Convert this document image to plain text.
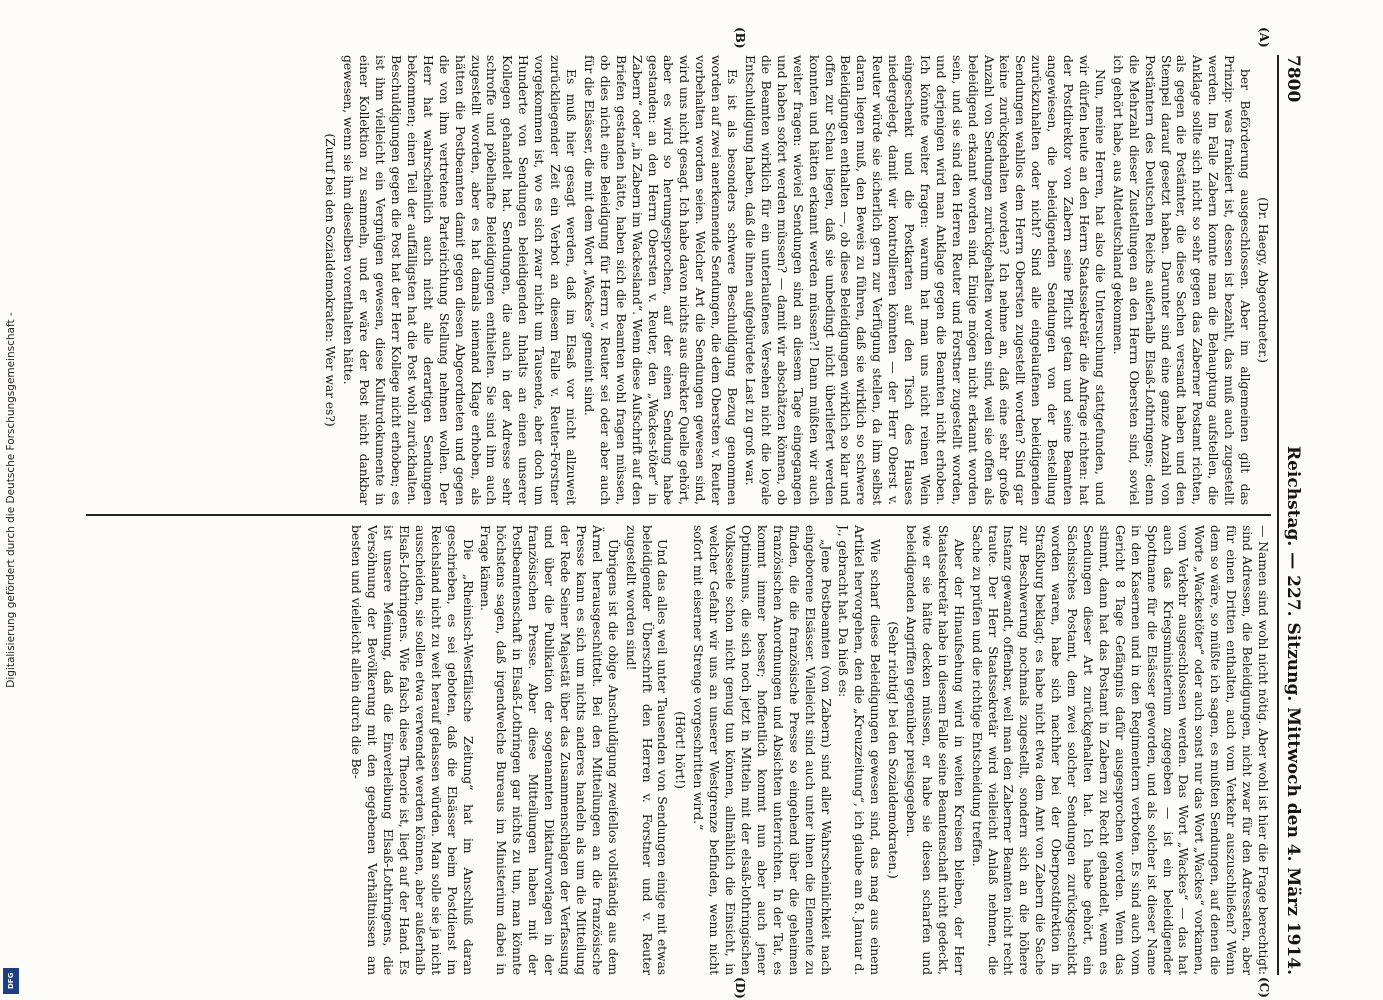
Digitalisierung gefördert durch die Deutsche Forschungsgemeinschaft -
DFG
7800
Reichstag. — 227. Sitzung. Mittwoch den 4. März 1914.

(Dr. Haegy, Abgeordneter.)

ber Beförderung ausgeschlossen. Aber im allgemeinen gilt das Prinzip: was frankiert ist, dessen ist bezahlt, das muß auch zugestellt werden. Im Falle Zabern konnte man die Behauptung aufstellen, die Anklage sollte sich nicht so sehr gegen das Zaberner Postamt richten, als gegen die Postämter, die diese Sachen versandt haben und den Stempel darauf gesetzt haben. Darunter sind eine ganze Anzahl von Postämtern des Deutschen Reichs außerhalb Elsaß-Lothringens; denn die Mehrzahl dieser Zustellungen an den Herrn Obersten sind, soviel ich gehört habe, aus Altdeutschland gekommen.

Nun, meine Herren, hat also die Untersuchung stattgefunden, und wir dürfen heute an den Herrn Staatssekretär die Anfrage richten: hat der Postdirektor von Zabern seine Pflicht getan und seine Beamten angewiesen, die beleidigenden Sendungen von der Bestellung zurückzuhalten oder nicht? Sind alle eingelaufenen beleidigenden Sendungen wahllos dem Herrn Obersten zugestellt worden? Sind gar keine zurückgehalten worden? Ich nehme an, daß eine sehr große Anzahl von Sendungen zurückgehalten worden sind, weil sie offen als beleidigend erkannt worden sind. Einige mögen nicht erkannt worden sein, und sie sind den Herren Reuter und Forstner zugestellt worden, und derjenigen wird man Anklage gegen die Beamten nicht erhoben. Ich könnte weiter fragen: warum hat man uns nicht reinen Wein eingeschenkt und die Postkarten auf den Tisch des Hauses niedergelegt, damit wir kontrollieren könnten — der Herr Oberst v. Reuter würde sie sicherlich gern zur Verfügung stellen, da ihm selbst daran liegen muß, den Beweis zu führen, daß sie wirklich so schwere Beleidigungen enthalten —, ob diese Beleidigungen wirklich so klar und offen zur Schau liegen, daß sie unbedingt nicht überliefert werden konnten und hätten erkannt werden müssen?! Dann müßten wir auch weiter fragen: wieviel Sendungen sind an diesem Tage eingegangen und haben sofort werden müssen? — damit wir abschätzen können, ob die Beamten wirklich für ein unterlaufenes Versehen nicht die loyale Entschuldigung haben, daß die ihnen aufgebürdete Last zu groß war.

Es ist als besonders schwere Beschuldigung Bezug genommen worden auf zwei anerkennende Sendungen, die dem Obersten v. Reuter vorbehalten worden seien. Welcher Art die Sendungen gewesen sind, wird uns nicht gesagt. Ich habe davon nichts aus direkter Quelle gehört, aber es wird so herumgesprochen, auf der einen Sendung habe gestanden: an den Herrn Obersten v. Reuter, den „Wackes-töter“ in Zabern“ oder „in Zabern im Wackesland“. Wenn diese Aufschrift auf den Briefen gestanden hätte, haben sich die Beamten wohl fragen müssen, ob dies nicht eine Beleidigung für Herrn v. Reuter sei oder aber auch für die Elsässer, die mit dem Wort „Wackes“ gemeint sind.

Es muß hier gesagt werden, daß im Elsaß vor nicht allzuweit zurückliegender Zeit ein Verbot an diesem Falle v. Reuter-Forstner vorgekommen ist, wo es sich zwar nicht um Tausende, aber doch um Hunderte von Sendungen beleidigenden Inhalts an einen unserer Kollegen gehandelt hat. Sendungen, die auch in der Adresse sehr schroffe und pöbelhafte Beleidigungen enthielten. Sie sind ihm auch zugestellt worden, aber es hat damals niemand Klage erhoben, als hätten die Postbeamten damit gegen diesen Abgeordneten und gegen die von ihm vertretene Parteirichtung Stellung nehmen wollen. Der Herr hat wahrscheinlich auch nicht alle derartigen Sendungen bekommen; einen Teil der auffälligsten hat die Post wohl zurückhalten. Beschuldigungen gegen die Post hat der Herr Kollege nicht erhoben; es ist ihm vielleicht ein Vergnügen gewesen, diese Kulturdokumente in einer Kollektion zu sammeln, und er wäre der Post nicht dankbar gewesen, wenn sie ihm dieselben vorenthalten hätte.

(Zuruf bei den Sozialdemokraten: Wer war es?)

— Namen sind wohl nicht nötig. Aber wohl ist hier die Frage berechtigt: sind Adressen, die Beleidigungen, nicht zwar für den Adressaten, aber für einen Dritten enthalten, auch vom Verkehr auszuschließen? Wenn dem so wäre, so müßte ich sagen, es mußten Sendungen, auf denen die Worte „Wackestöter“ oder auch sonst nur das Wort „Wackes“ vorkamen, vom Verkehr ausgeschlossen werden. Das Wort „Wackes“ — das hat auch das Kriegsministerium zugegeben — ist ein beleidigender Spottname für die Elsässer geworden, und als solcher ist dieser Name in den Kasernen und in den Regimentern verboten. Es sind auch vom Gericht 8 Tage Gefängnis dafür ausgesprochen worden. Wenn das stimmt, dann hat das Postamt in Zabern zu Recht gehandelt, wenn es Sendungen dieser Art zurückgehalten hat. Ich habe gehört, ein Sächsisches Postamt, dem zwei solcher Sendungen zurückgeschickt worden waren, habe sich nachher bei der Oberpostdirektion in Straßburg beklagt; es habe nicht etwa dem Amt von Zabern die Sache zur Beschwerung nochmals zugestellt, sondern sich an die höhere Instanz gewandt, offenbar, weil man den Zaberner Beamten nicht recht traute. Der Herr Staatssekretär wird vielleicht Anlaß nehmen, die Sache zu prüfen und die richtige Entscheidung treffen.

Aber der Hinaufsehung wird in weiten Kreisen bleiben, der Herr Staatssekretär habe in diesem Falle seine Beamtenschaft nicht gedeckt, wie er sie hätte decken müssen, er habe sie diesen scharfen und beleidigenden Angriffen gegenüber preisgegeben.

(Sehr richtig! bei den Sozialdemokraten.)

Wie scharf diese Beleidigungen gewesen sind, das mag aus einem Artikel hervorgehen, den die „Kreuzzeitung“, ich glaube am 8. Januar d. J., gebracht hat. Da hieß es:

„Jene Postbeamten (von Zabern) sind aller Wahrscheinlichkeit nach eingeborene Elsässer. Vielleicht sind auch unter ihnen die Elemente zu finden, die die französische Presse so eingehend über die geheimen französischen Anordnungen und Absichten unterrichten. In der Tat, es kommt immer besser; hoffentlich kommt nun aber auch jener Optimismus, die sich noch jetzt in Mitteln mit der elsaß-lothringischen Volksseele schon nicht genug tun können, allmählich die Einsicht, in welcher Gefahr wir uns an unserer Westgrenze befinden, wenn nicht sofort mit eiserner Strenge vorgeschritten wird.“

(Hört! hört!)

Und das alles weil unter Tausenden von Sendungen einige mit etwas beleidigender Überschrift den Herren v. Forstner und v. Reuter zugestellt worden sind!

Übrigens ist die obige Anschuldigung zweifellos vollständig aus dem Ärmel herausgeschüttelt. Bei den Mitteilungen an die französische Presse kann es sich um nichts anderes handeln als um die Mitteilung der Rede Seiner Majestät über das Zusammenschlagen der Verfassung und über die Publikation der sogenannten Diktaturvorlagen in der französischen Presse. Aber diese Mitteilungen haben mit der Postbeamtenschaft in Elsaß-Lothringen gar nichts zu tun, man könnte höchstens sagen, daß irgendwelche Bureaus im Ministerium dabei in Frage kämen.

Die „Rheinisch-Westfälische Zeitung“ hat im Anschluß daran geschrieben, es sei geboten, daß die Elsässer beim Postdienst im Reichsland nicht zu weit herauf gelassen würden. Man solle sie ja nicht ausscheiden, sie sollen etwa verwendet werden können, aber außerhalb Elsaß-Lothringens. Wie falsch diese Theorie ist, liegt auf der Hand. Es ist unsere Meinung, daß die Einverleibung Elsaß-Lothringens, die Versöhnung der Bevölkerung mit den gegebenen Verhältnissen am besten und vielleicht allein durch die Be-

(A)
(B)
(C)
(D)
